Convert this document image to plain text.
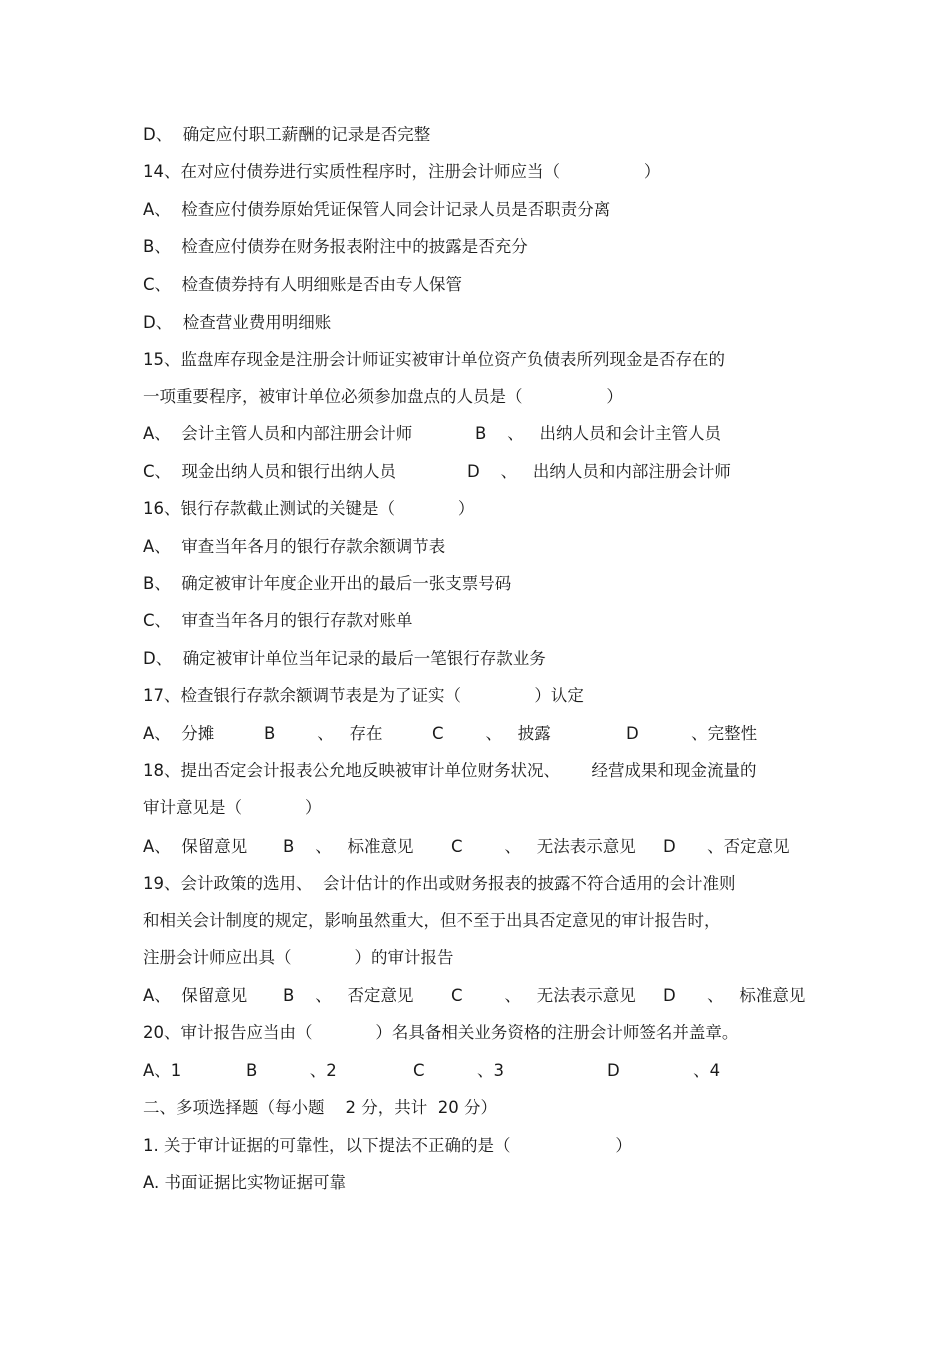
D、  确定应付职工薪酬的记录是否完整
14、在对应付债券进行实质性程序时，注册会计师应当（                ）
A、  检查应付债券原始凭证保管人同会计记录人员是否职责分离
B、  检查应付债券在财务报表附注中的披露是否充分
C、  检查债券持有人明细账是否由专人保管
D、  检查营业费用明细账
15、监盘库存现金是注册会计师证实被审计单位资产负债表所列现金是否存在的
一项重要程序，被审计单位必须参加盘点的人员是（                ）
A、  会计主管人员和内部注册会计师	B    、   出纳人员和会计主管人员
C、  现金出纳人员和银行出纳人员	D    、   出纳人员和内部注册会计师
16、银行存款截止测试的关键是（            ）
A、  审查当年各月的银行存款余额调节表
B、  确定被审计年度企业开出的最后一张支票号码
C、  审查当年各月的银行存款对账单
D、  确定被审计单位当年记录的最后一笔银行存款业务
17、检查银行存款余额调节表是为了证实（              ）认定
A、  分摊	B        、   存在	C        、   披露	D          、完整性
18、提出否定会计报表公允地反映被审计单位财务状况、      经营成果和现金流量的
审计意见是（            ）
A、  保留意见 B    、   标准意见 C        、   无法表示意见 D      、否定意见
19、会计政策的选用、  会计估计的作出或财务报表的披露不符合适用的会计准则
和相关会计制度的规定，影响虽然重大，但不至于出具否定意见的审计报告时，
注册会计师应出具（            ）的审计报告
A、  保留意见 B    、   否定意见 C        、   无法表示意见 D      、   标准意见
20、审计报告应当由（            ）名具备相关业务资格的注册会计师签名并盖章。
A、1	B          、2	C          、3	D              、4
二、多项选择题（每小题    2 分，共计  20 分）
1. 关于审计证据的可靠性，以下提法不正确的是（                    ）
A. 书面证据比实物证据可靠
